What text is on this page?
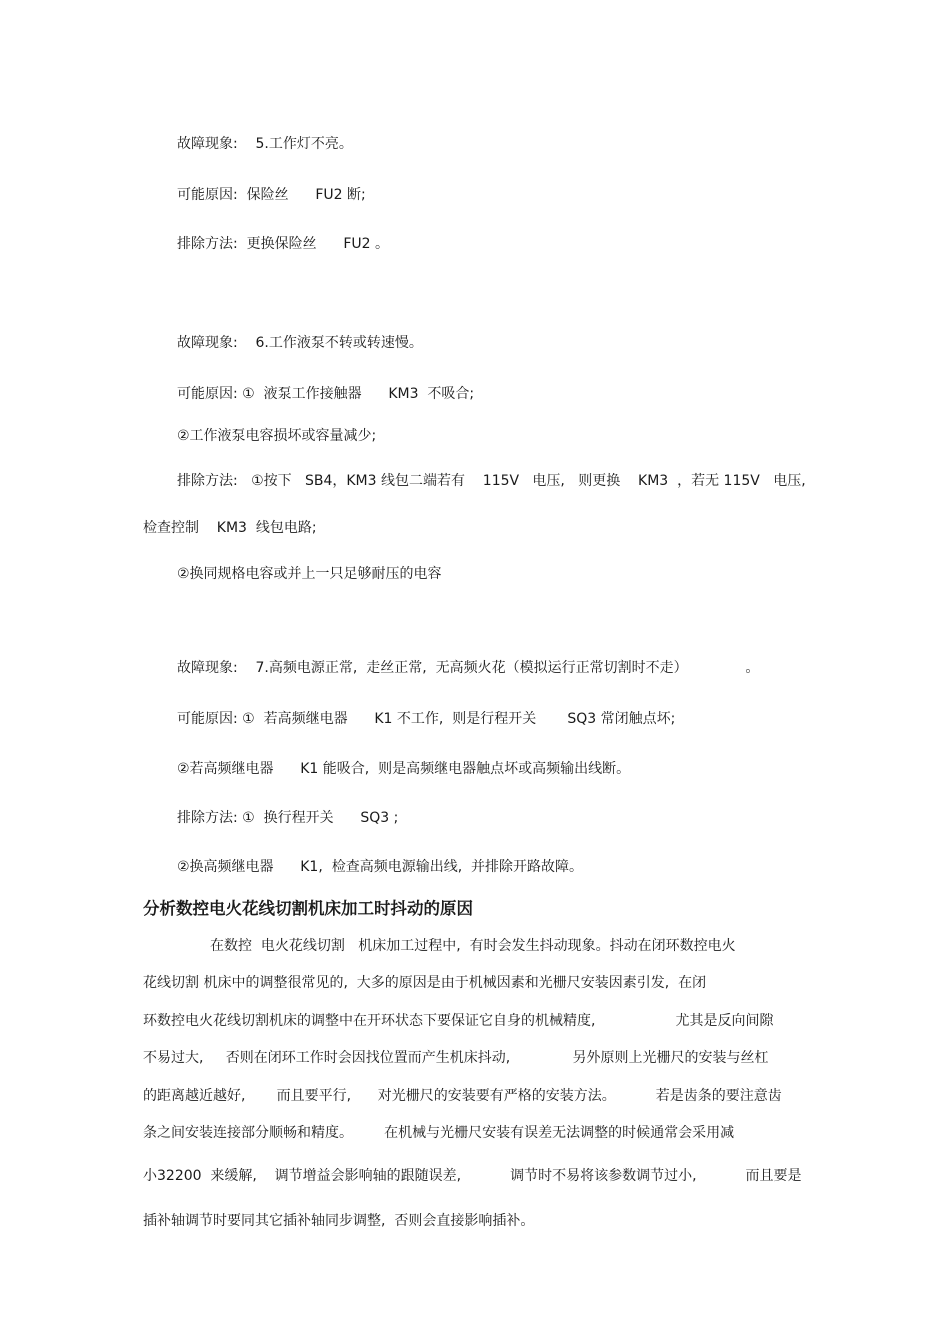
故障现象:    5.工作灯不亮。

可能原因:  保险丝      FU2 断;

排除方法:  更换保险丝      FU2 。

故障现象:    6.工作液泵不转或转速慢。

可能原因: ①  液泵工作接触器      KM3  不吸合;

②工作液泵电容损坏或容量减少;

排除方法:   ①按下   SB4，KM3 线包二端若有    115V   电压,   则更换    KM3  ，若无 115V   电压,

检查控制    KM3  线包电路;

②换同规格电容或并上一只足够耐压的电容

故障现象:    7.高频电源正常,  走丝正常,  无高频火花（模拟运行正常切割时不走）             。

可能原因: ①  若高频继电器      K1 不工作,  则是行程开关       SQ3 常闭触点坏;

②若高频继电器      K1 能吸合,  则是高频继电器触点坏或高频输出线断。

排除方法: ①  换行程开关      SQ3 ;

②换高频继电器      K1,  检查高频电源输出线,  并排除开路故障。

分析数控电火花线切割机床加工时抖动的原因

在数控  电火花线切割   机床加工过程中,  有时会发生抖动现象。抖动在闭环数控电火

花线切割 机床中的调整很常见的,  大多的原因是由于机械因素和光栅尺安装因素引发,  在闭

环数控电火花线切割机床的调整中在开环状态下要保证它自身的机械精度,                  尤其是反向间隙

不易过大,     否则在闭环工作时会因找位置而产生机床抖动,              另外原则上光栅尺的安装与丝杠

的距离越近越好,       而且要平行,      对光栅尺的安装要有严格的安装方法。         若是齿条的要注意齿

条之间安装连接部分顺畅和精度。       在机械与光栅尺安装有误差无法调整的时候通常会采用减

小32200  来缓解,    调节增益会影响轴的跟随误差,           调节时不易将该参数调节过小,           而且要是

插补轴调节时要同其它插补轴同步调整,  否则会直接影响插补。
